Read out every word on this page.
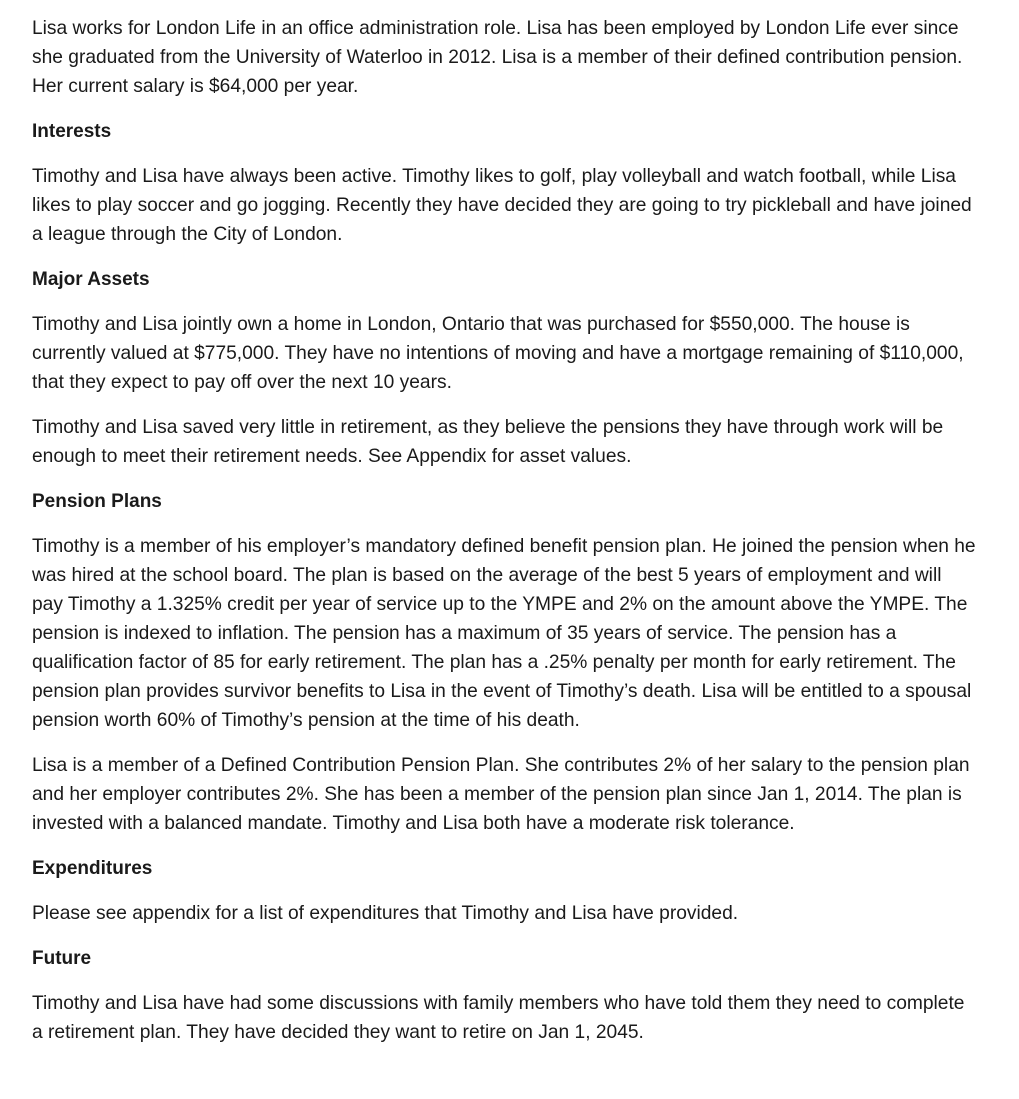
Lisa works for London Life in an office administration role. Lisa has been employed by London Life ever since she graduated from the University of Waterloo in 2012. Lisa is a member of their defined contribution pension. Her current salary is $64,000 per year.

Interests

Timothy and Lisa have always been active. Timothy likes to golf, play volleyball and watch football, while Lisa likes to play soccer and go jogging. Recently they have decided they are going to try pickleball and have joined a league through the City of London.

Major Assets

Timothy and Lisa jointly own a home in London, Ontario that was purchased for $550,000. The house is currently valued at $775,000. They have no intentions of moving and have a mortgage remaining of $110,000, that they expect to pay off over the next 10 years.

Timothy and Lisa saved very little in retirement, as they believe the pensions they have through work will be enough to meet their retirement needs. See Appendix for asset values.

Pension Plans

Timothy is a member of his employer’s mandatory defined benefit pension plan. He joined the pension when he was hired at the school board. The plan is based on the average of the best 5 years of employment and will pay Timothy a 1.325% credit per year of service up to the YMPE and 2% on the amount above the YMPE. The pension is indexed to inflation. The pension has a maximum of 35 years of service. The pension has a qualification factor of 85 for early retirement. The plan has a .25% penalty per month for early retirement. The pension plan provides survivor benefits to Lisa in the event of Timothy’s death. Lisa will be entitled to a spousal pension worth 60% of Timothy’s pension at the time of his death.

Lisa is a member of a Defined Contribution Pension Plan. She contributes 2% of her salary to the pension plan and her employer contributes 2%. She has been a member of the pension plan since Jan 1, 2014. The plan is invested with a balanced mandate. Timothy and Lisa both have a moderate risk tolerance.

Expenditures

Please see appendix for a list of expenditures that Timothy and Lisa have provided.

Future

Timothy and Lisa have had some discussions with family members who have told them they need to complete a retirement plan. They have decided they want to retire on Jan 1, 2045.
